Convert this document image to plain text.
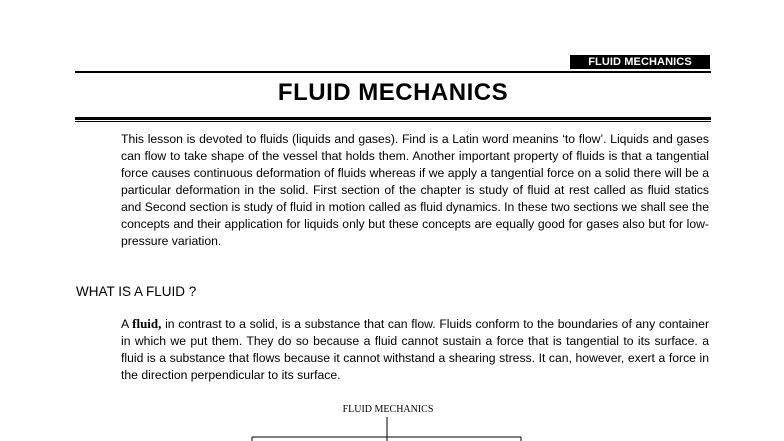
FLUID MECHANICS
FLUID MECHANICS

This lesson is devoted to fluids (liquids and gases). Find is a Latin word meanins ‘to flow’. Liquids and gases can flow to take shape of the vessel that holds them. Another important property of fluids is that a tangential force causes continuous deformation of fluids whereas if we apply a tangential force on a solid there will be a particular deformation in the solid. First section of the chapter is study of fluid at rest called as fluid statics and Second section is study of fluid in motion called as fluid dynamics. In these two sections we shall see the concepts and their application for liquids only but these concepts are equally good for gases also but for low-pressure variation.

WHAT IS A FLUID ?

A fluid, in contrast to a solid, is a substance that can flow. Fluids conform to the boundaries of any container in which we put them. They do so because a fluid cannot sustain a force that is tangential to its surface. a fluid is a substance that flows because it cannot withstand a shearing stress. It can, however, exert a force in the direction perpendicular to its surface.

FLUID MECHANICS
